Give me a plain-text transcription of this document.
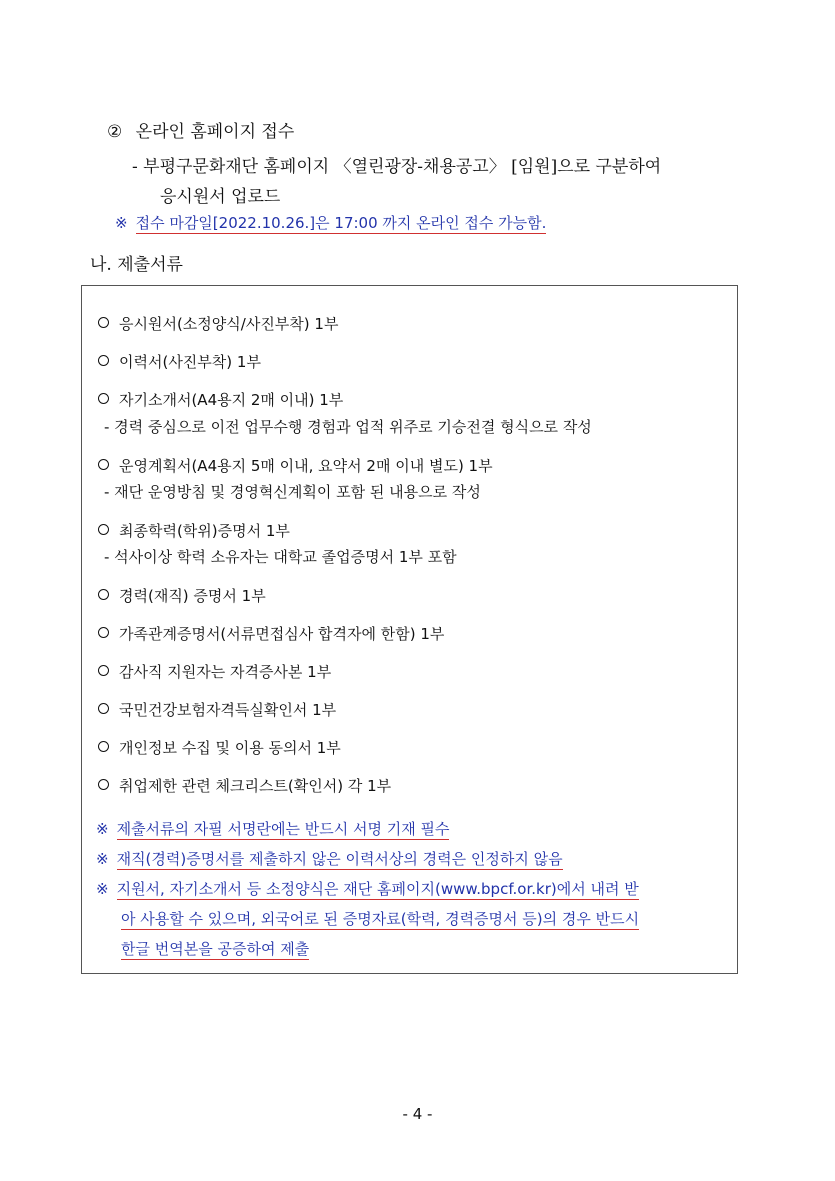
② 온라인 홈페이지 접수
- 부평구문화재단 홈페이지 〈열린광장-채용공고〉 [임원]으로 구분하여
응시원서 업로드
※ 접수 마감일[2022.10.26.]은 17:00 까지 온라인 접수 가능함.
나. 제출서류
응시원서(소정양식/사진부착) 1부
이력서(사진부착) 1부
자기소개서(A4용지 2매 이내) 1부
- 경력 중심으로 이전 업무수행 경험과 업적 위주로 기승전결 형식으로 작성
운영계획서(A4용지 5매 이내, 요약서 2매 이내 별도) 1부
- 재단 운영방침 및 경영혁신계획이 포함 된 내용으로 작성
최종학력(학위)증명서 1부
- 석사이상 학력 소유자는 대학교 졸업증명서 1부 포함
경력(재직) 증명서 1부
가족관계증명서(서류면접심사 합격자에 한함) 1부
감사직 지원자는 자격증사본 1부
국민건강보험자격득실확인서 1부
개인정보 수집 및 이용 동의서 1부
취업제한 관련 체크리스트(확인서) 각 1부
※ 제출서류의 자필 서명란에는 반드시 서명 기재 필수
※ 재직(경력)증명서를 제출하지 않은 이력서상의 경력은 인정하지 않음
※ 지원서, 자기소개서 등 소정양식은 재단 홈페이지(www.bpcf.or.kr)에서 내려 받
아 사용할 수 있으며, 외국어로 된 증명자료(학력, 경력증명서 등)의 경우 반드시
한글 번역본을 공증하여 제출
- 4 -
